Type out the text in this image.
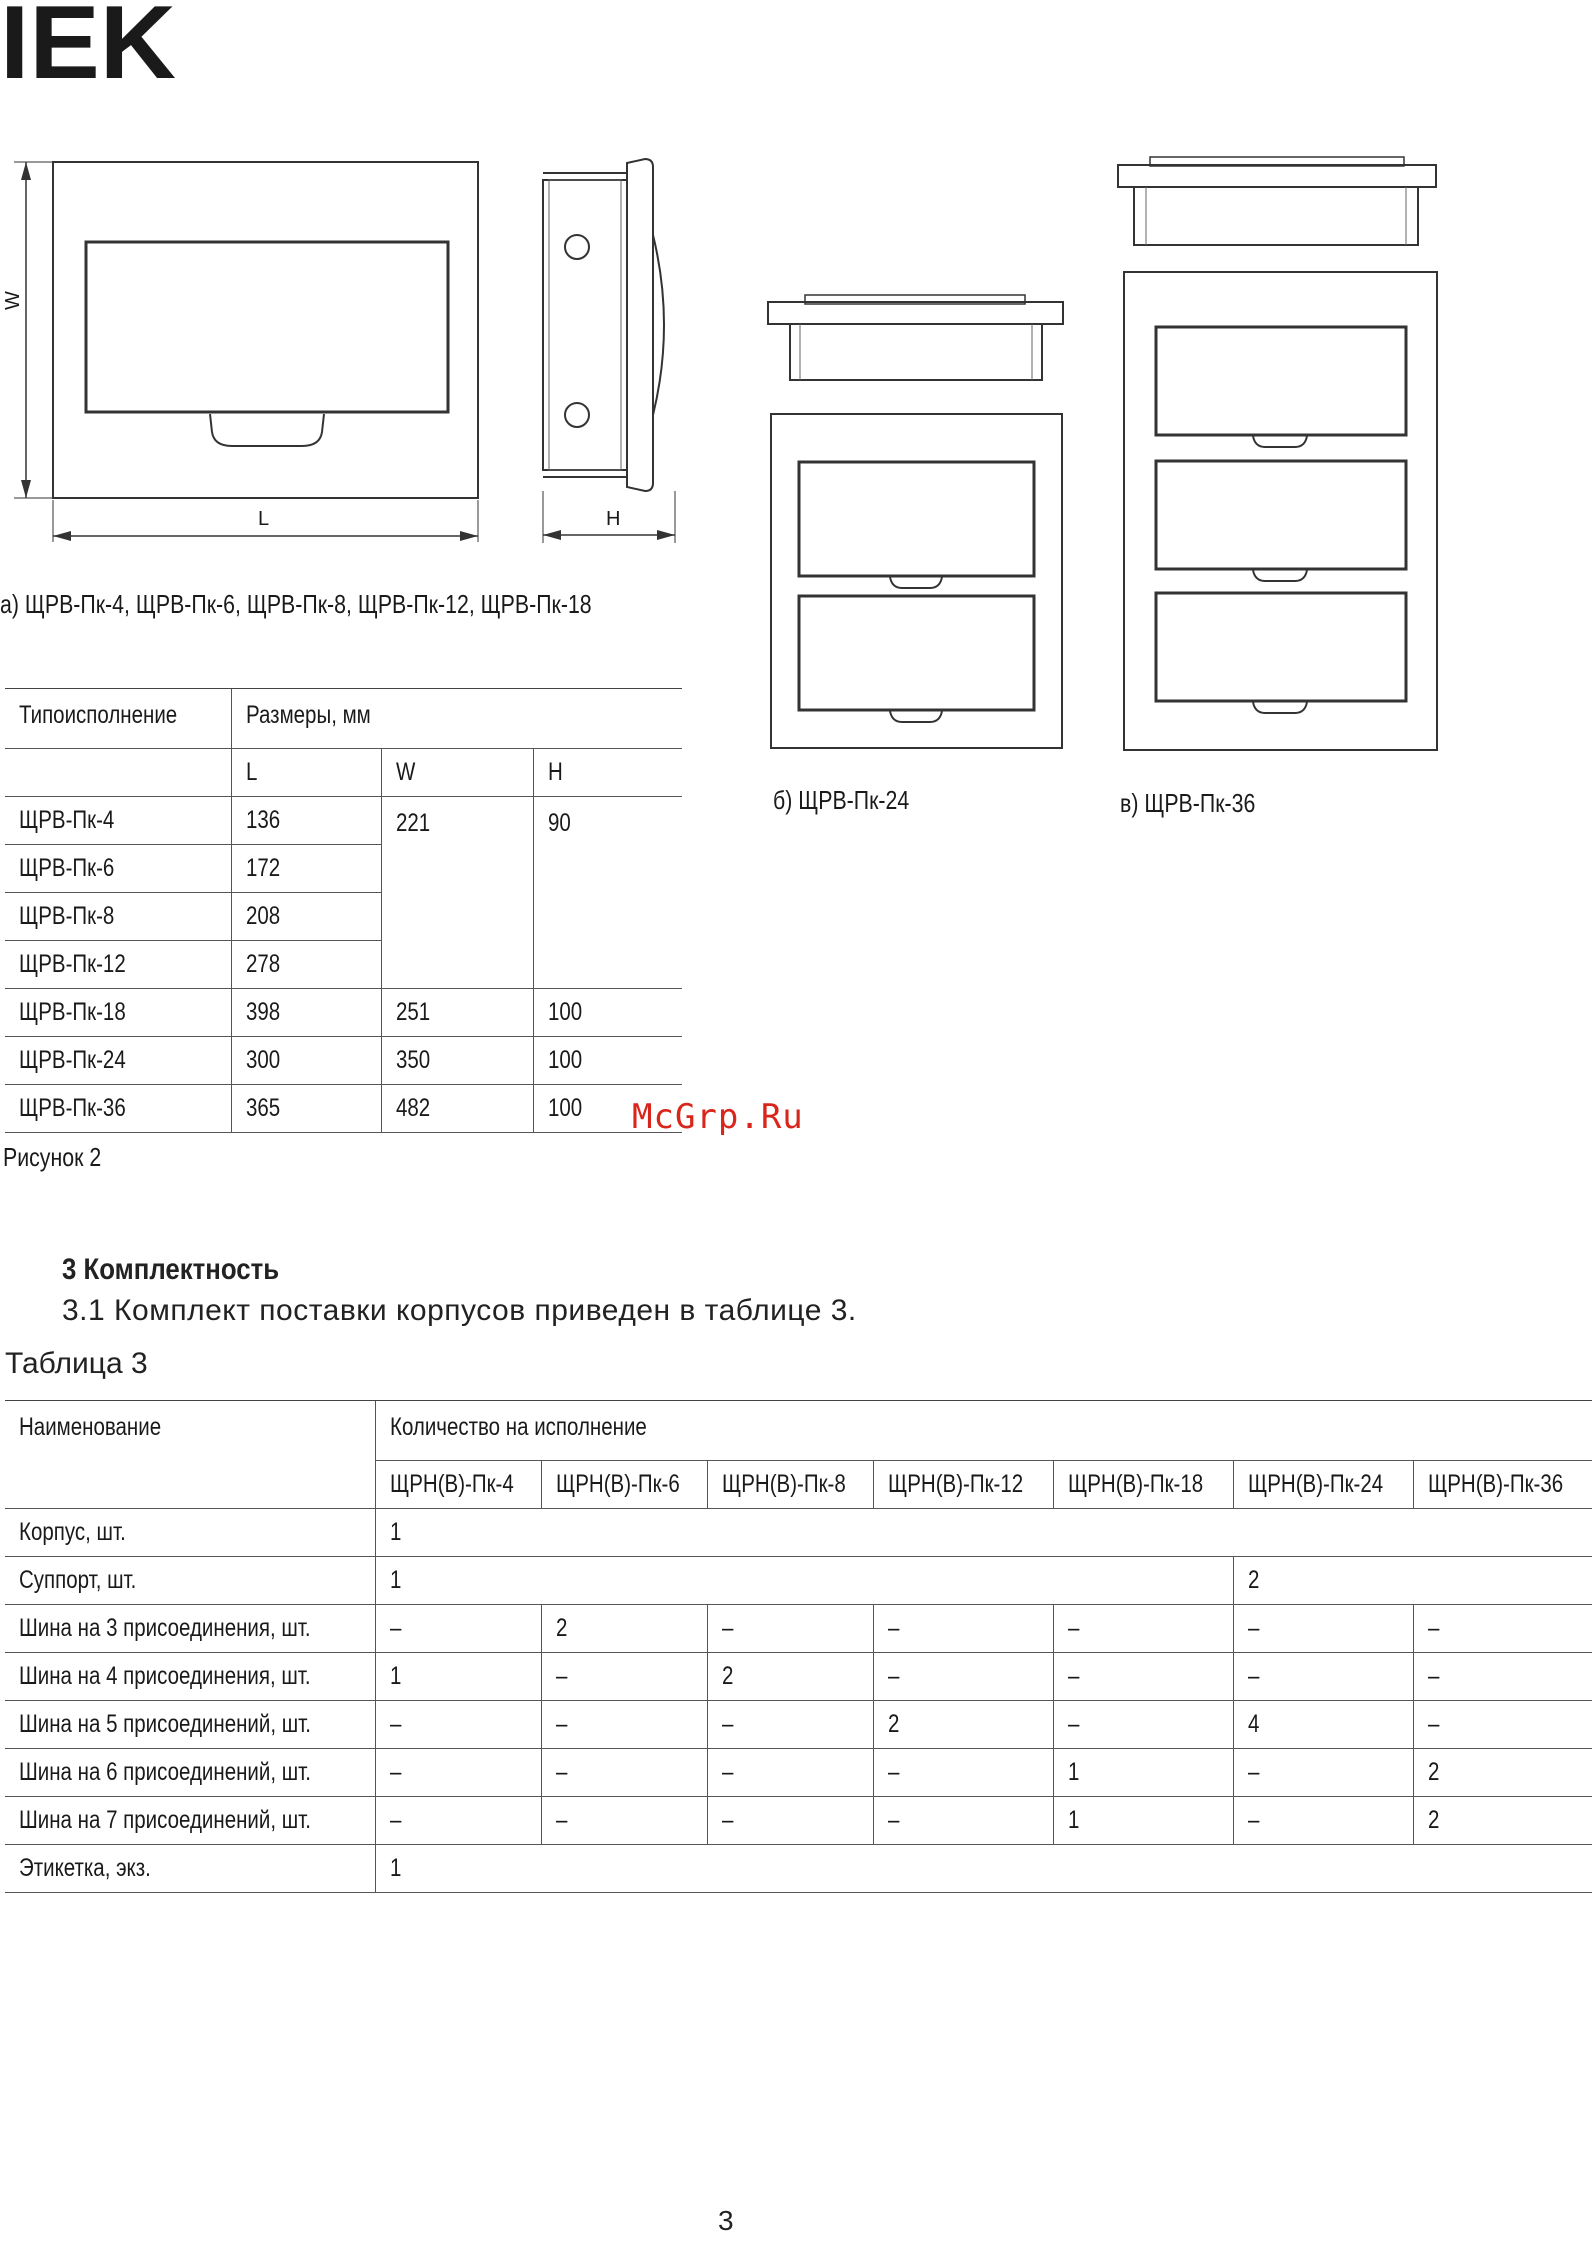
IEK
W
L	H
а) ЩРВ-Пк-4, ЩРВ-Пк-6, ЩРВ-Пк-8, ЩРВ-Пк-12, ЩРВ-Пк-18
б) ЩРВ-Пк-24	в) ЩРВ-Пк-36
Типоисполнение	Размеры, мм		
	L	W	H
ЩРВ-Пк-4	136	221	90
ЩРВ-Пк-6	172		
ЩРВ-Пк-8	208		
ЩРВ-Пк-12	278		
ЩРВ-Пк-18	398	251	100
ЩРВ-Пк-24	300	350	100
ЩРВ-Пк-36	365	482	100 McGrp.Ru
Рисунок 2
3 Комплектность
3.1 Комплект поставки корпусов приведен в таблице 3.
Таблица 3
Наименование	Количество на исполнение						
	ЩРН(В)-Пк-4	ЩРН(В)-Пк-6	ЩРН(В)-Пк-8	ЩРН(В)-Пк-12	ЩРН(В)-Пк-18	ЩРН(В)-Пк-24	ЩРН(В)-Пк-36
Корпус, шт.	1						
Суппорт, шт.	1					2	
Шина на 3 присоединения, шт.	–	2	–	–	–	–	–
Шина на 4 присоединения, шт.	1	–	2	–	–	–	–
Шина на 5 присоединений, шт.	–	–	–	2	–	4	–
Шина на 6 присоединений, шт.	–	–	–	–	1	–	2
Шина на 7 присоединений, шт.	–	–	–	–	1	–	2
Этикетка, экз.	1						
3
